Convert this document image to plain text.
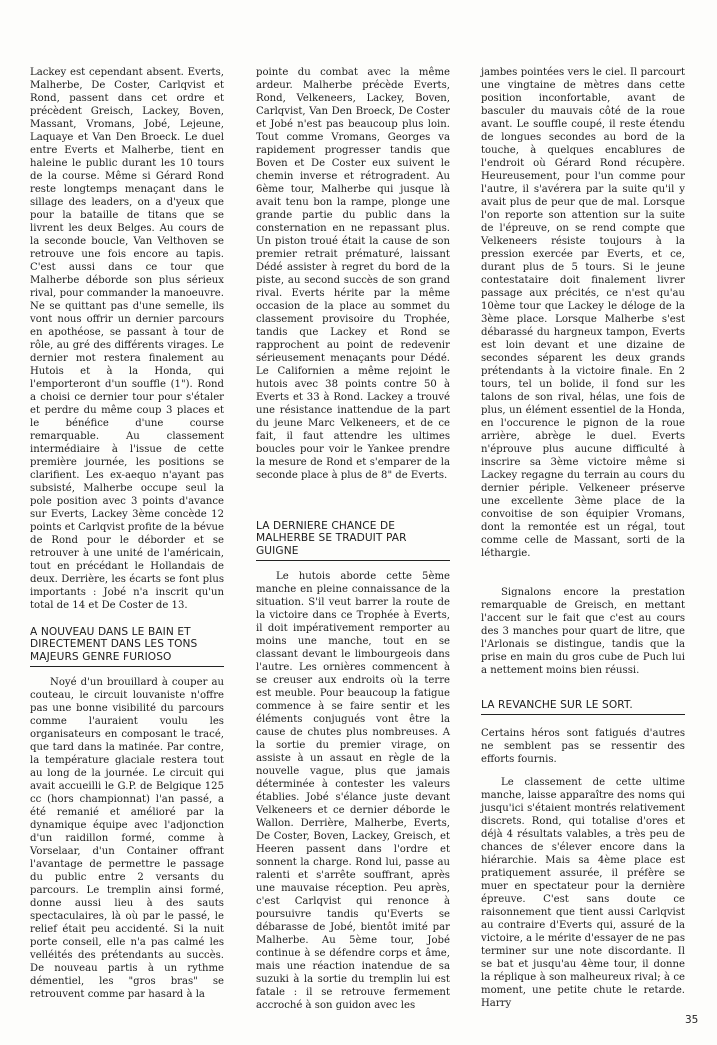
Lackey est cependant absent. Everts, Malherbe, De Coster, Carlqvist et Rond, passent dans cet ordre et précèdent Greisch, Lackey, Boven, Massant, Vromans, Jobé, Lejeune, Laquaye et Van Den Broeck. Le duel entre Everts et Malherbe, tient en haleine le public durant les 10 tours de la course. Même si Gérard Rond reste longtemps menaçant dans le sillage des leaders, on a d'yeux que pour la bataille de titans que se livrent les deux Belges. Au cours de la seconde boucle, Van Velthoven se retrouve une fois encore au tapis. C'est aussi dans ce tour que Malherbe déborde son plus sérieux rival, pour commander la manoeuvre. Ne se quittant pas d'une semelle, ils vont nous offrir un dernier parcours en apothéose, se passant à tour de rôle, au gré des différents virages. Le dernier mot restera finalement au Hutois et à la Honda, qui l'emporteront d'un souffle (1"). Rond a choisi ce dernier tour pour s'étaler et perdre du même coup 3 places et le bénéfice d'une course remarquable. Au classement intermédiaire à l'issue de cette première journée, les positions se clarifient. Les ex-aequo n'ayant pas subsisté, Malherbe occupe seul la pole position avec 3 points d'avance sur Everts, Lackey 3ème concède 12 points et Carlqvist profite de la bévue de Rond pour le déborder et se retrouver à une unité de l'américain, tout en précédant le Hollandais de deux. Derrière, les écarts se font plus importants : Jobé n'a inscrit qu'un total de 14 et De Coster de 13.

A NOUVEAU DANS LE BAIN ET DIRECTEMENT DANS LES TONS MAJEURS GENRE FURIOSO

Noyé d'un brouillard à couper au couteau, le circuit louvaniste n'offre pas une bonne visibilité du parcours comme l'auraient voulu les organisateurs en composant le tracé, que tard dans la matinée. Par contre, la température glaciale restera tout au long de la journée. Le circuit qui avait accueilli le G.P. de Belgique 125 cc (hors championnat) l'an passé, a été remanié et amélioré par la dynamique équipe avec l'adjonction d'un raidillon formé, comme à Vorselaar, d'un Container offrant l'avantage de permettre le passage du public entre 2 versants du parcours. Le tremplin ainsi formé, donne aussi lieu à des sauts spectaculaires, là où par le passé, le relief était peu accidenté. Si la nuit porte conseil, elle n'a pas calmé les velléités des prétendants au succès. De nouveau partis à un rythme démentiel, les "gros bras" se retrouvent comme par hasard à la

pointe du combat avec la même ardeur. Malherbe précède Everts, Rond, Velkeneers, Lackey, Boven, Carlqvist, Van Den Broeck, De Coster et Jobé n'est pas beaucoup plus loin. Tout comme Vromans, Georges va rapidement progresser tandis que Boven et De Coster eux suivent le chemin inverse et rétrogradent. Au 6ème tour, Malherbe qui jusque là avait tenu bon la rampe, plonge une grande partie du public dans la consternation en ne repassant plus. Un piston troué était la cause de son premier retrait prématuré, laissant Dédé assister à regret du bord de la piste, au second succès de son grand rival. Everts hérite par la même occasion de la place au sommet du classement provisoire du Trophée, tandis que Lackey et Rond se rapprochent au point de redevenir sérieusement menaçants pour Dédé. Le Californien a même rejoint le hutois avec 38 points contre 50 à Everts et 33 à Rond. Lackey a trouvé une résistance inattendue de la part du jeune Marc Velkeneers, et de ce fait, il faut attendre les ultimes boucles pour voir le Yankee prendre la mesure de Rond et s'emparer de la seconde place à plus de 8" de Everts.

LA DERNIERE CHANCE DE MALHERBE SE TRADUIT PAR GUIGNE

Le hutois aborde cette 5ème manche en pleine connaissance de la situation. S'il veut barrer la route de la victoire dans ce Trophée à Everts, il doit impérativement remporter au moins une manche, tout en se classant devant le limbourgeois dans l'autre. Les ornières commencent à se creuser aux endroits où la terre est meuble. Pour beaucoup la fatigue commence à se faire sentir et les éléments conjugués vont être la cause de chutes plus nombreuses. A la sortie du premier virage, on assiste à un assaut en règle de la nouvelle vague, plus que jamais déterminée à contester les valeurs établies. Jobé s'élance juste devant Velkeneers et ce dernier déborde le Wallon. Derrière, Malherbe, Everts, De Coster, Boven, Lackey, Greisch, et Heeren passent dans l'ordre et sonnent la charge. Rond lui, passe au ralenti et s'arrête souffrant, après une mauvaise réception. Peu après, c'est Carlqvist qui renonce à poursuivre tandis qu'Everts se débarasse de Jobé, bientôt imité par Malherbe. Au 5ème tour, Jobé continue à se défendre corps et âme, mais une réaction inatendue de sa suzuki à la sortie du tremplin lui est fatale : il se retrouve fermement accroché à son guidon avec les

jambes pointées vers le ciel. Il parcourt une vingtaine de mètres dans cette position inconfortable, avant de basculer du mauvais côté de la roue avant. Le souffle coupé, il reste étendu de longues secondes au bord de la touche, à quelques encablures de l'endroit où Gérard Rond récupère. Heureusement, pour l'un comme pour l'autre, il s'avérera par la suite qu'il y avait plus de peur que de mal. Lorsque l'on reporte son attention sur la suite de l'épreuve, on se rend compte que Velkeneers résiste toujours à la pression exercée par Everts, et ce, durant plus de 5 tours. Si le jeune contestataire doit finalement livrer passage aux précités, ce n'est qu'au 10ème tour que Lackey le déloge de la 3ème place. Lorsque Malherbe s'est débarassé du hargneux tampon, Everts est loin devant et une dizaine de secondes séparent les deux grands prétendants à la victoire finale. En 2 tours, tel un bolide, il fond sur les talons de son rival, hélas, une fois de plus, un élément essentiel de la Honda, en l'occurence le pignon de la roue arrière, abrège le duel. Everts n'éprouve plus aucune difficulté à inscrire sa 3ème victoire même si Lackey regagne du terrain au cours du dernier périple. Velkeneer préserve une excellente 3ème place de la convoitise de son équipier Vromans, dont la remontée est un régal, tout comme celle de Massant, sorti de la léthargie.

Signalons encore la prestation remarquable de Greisch, en mettant l'accent sur le fait que c'est au cours des 3 manches pour quart de litre, que l'Arlonais se distingue, tandis que la prise en main du gros cube de Puch lui a nettement moins bien réussi.

LA REVANCHE SUR LE SORT.

Certains héros sont fatigués d'autres ne semblent pas se ressentir des efforts fournis.

Le classement de cette ultime manche, laisse apparaître des noms qui jusqu'ici s'étaient montrés relativement discrets. Rond, qui totalise d'ores et déjà 4 résultats valables, a très peu de chances de s'élever encore dans la hiérarchie. Mais sa 4ème place est pratiquement assurée, il préfère se muer en spectateur pour la dernière épreuve. C'est sans doute ce raisonnement que tient aussi Carlqvist au contraire d'Everts qui, assuré de la victoire, a le mérite d'essayer de ne pas terminer sur une note discordante. Il se bat et jusqu'au 4ème tour, il donne la réplique à son malheureux rival; à ce moment, une petite chute le retarde. Harry

35
